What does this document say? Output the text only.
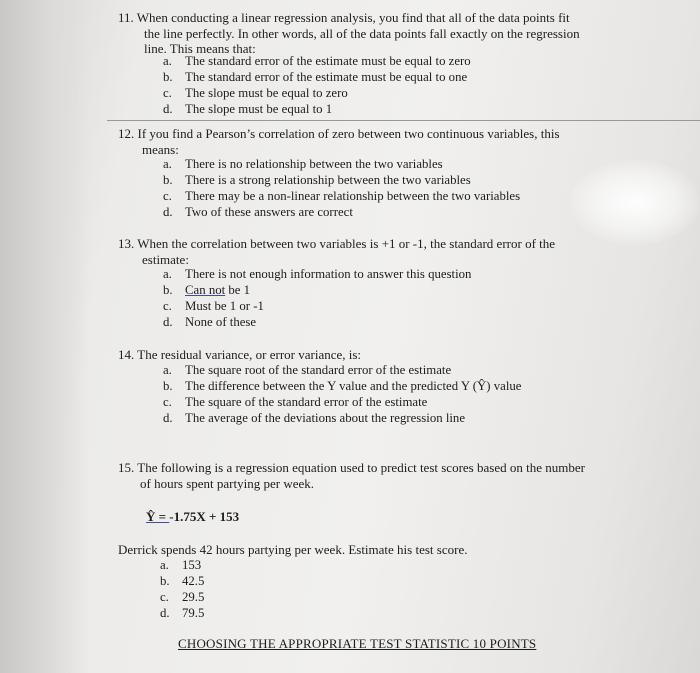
11. When conducting a linear regression analysis, you find that all of the data points fit
the line perfectly. In other words, all of the data points fall exactly on the regression
line. This means that:
a. The standard error of the estimate must be equal to zero
b. The standard error of the estimate must be equal to one
c. The slope must be equal to zero
d. The slope must be equal to 1
12. If you find a Pearson’s correlation of zero between two continuous variables, this
means:
a. There is no relationship between the two variables
b. There is a strong relationship between the two variables
c. There may be a non-linear relationship between the two variables
d. Two of these answers are correct
13. When the correlation between two variables is +1 or -1, the standard error of the
estimate:
a. There is not enough information to answer this question
b. Can not be 1
c. Must be 1 or -1
d. None of these
14. The residual variance, or error variance, is:
a. The square root of the standard error of the estimate
b. The difference between the Y value and the predicted Y (Ŷ) value
c. The square of the standard error of the estimate
d. The average of the deviations about the regression line
15. The following is a regression equation used to predict test scores based on the number
of hours spent partying per week.
Ŷ = -1.75X + 153
Derrick spends 42 hours partying per week. Estimate his test score.
a. 153
b. 42.5
c. 29.5
d. 79.5
CHOOSING THE APPROPRIATE TEST STATISTIC 10 POINTS
